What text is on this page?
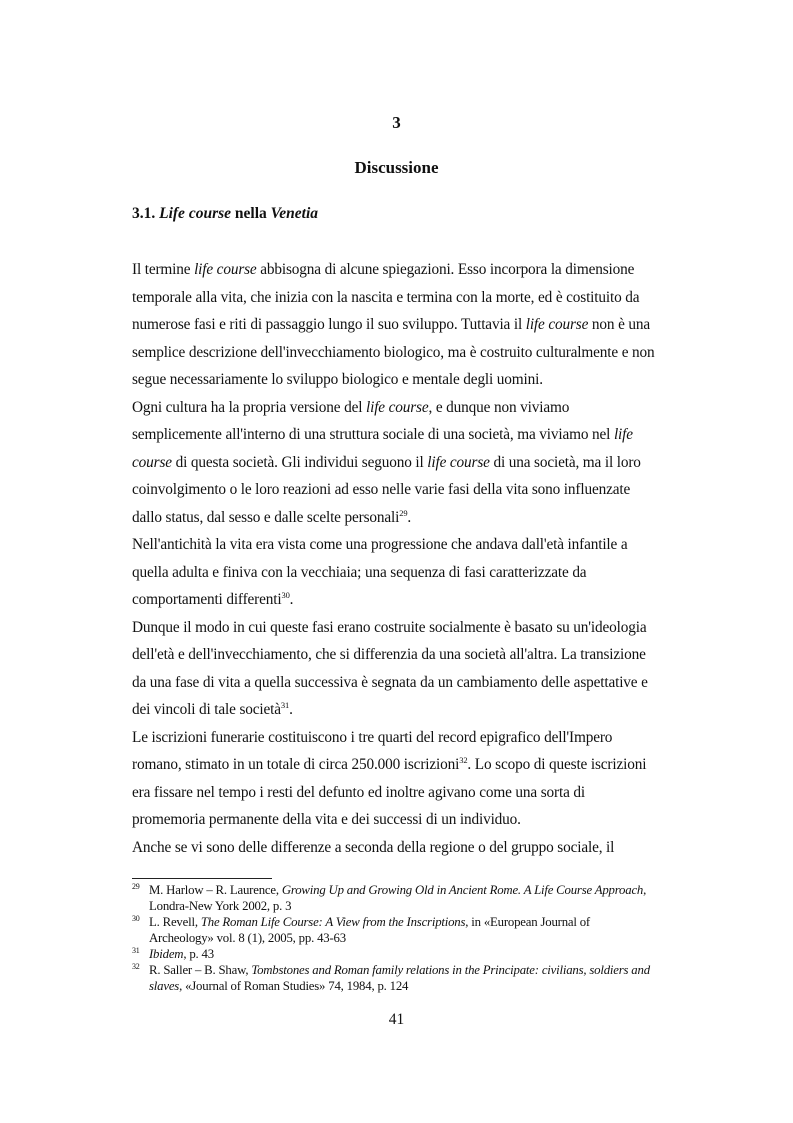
3
Discussione
3.1. Life course nella Venetia
Il termine life course abbisogna di alcune spiegazioni. Esso incorpora la dimensione
temporale alla vita, che inizia con la nascita e termina con la morte, ed è costituito da
numerose fasi e riti di passaggio lungo il suo sviluppo. Tuttavia il life course non è una
semplice descrizione dell'invecchiamento biologico, ma è costruito culturalmente e non
segue necessariamente lo sviluppo biologico e mentale degli uomini.
Ogni cultura ha la propria versione del life course, e dunque non viviamo
semplicemente all'interno di una struttura sociale di una società, ma viviamo nel life
course di questa società. Gli individui seguono il life course di una società, ma il loro
coinvolgimento o le loro reazioni ad esso nelle varie fasi della vita sono influenzate
dallo status, dal sesso e dalle scelte personali$^{29}$.
Nell'antichità la vita era vista come una progressione che andava dall'età infantile a
quella adulta e finiva con la vecchiaia; una sequenza di fasi caratterizzate da
comportamenti differenti$^{30}$.
Dunque il modo in cui queste fasi erano costruite socialmente è basato su un'ideologia
dell'età e dell'invecchiamento, che si differenzia da una società all'altra. La transizione
da una fase di vita a quella successiva è segnata da un cambiamento delle aspettative e
dei vincoli di tale società$^{31}$.
Le iscrizioni funerarie costituiscono i tre quarti del record epigrafico dell'Impero
romano, stimato in un totale di circa 250.000 iscrizioni$^{32}$. Lo scopo di queste iscrizioni
era fissare nel tempo i resti del defunto ed inoltre agivano come una sorta di
promemoria permanente della vita e dei successi di un individuo.
Anche se vi sono delle differenze a seconda della regione o del gruppo sociale, il
29 M. Harlow – R. Laurence, Growing Up and Growing Old in Ancient Rome. A Life Course Approach,
Londra-New York 2002, p. 3
30 L. Revell, The Roman Life Course: A View from the Inscriptions, in «European Journal of
Archeology» vol. 8 (1), 2005, pp. 43-63
31 Ibidem, p. 43
32 R. Saller – B. Shaw, Tombstones and Roman family relations in the Principate: civilians, soldiers and
slaves, «Journal of Roman Studies» 74, 1984, p. 124
41
